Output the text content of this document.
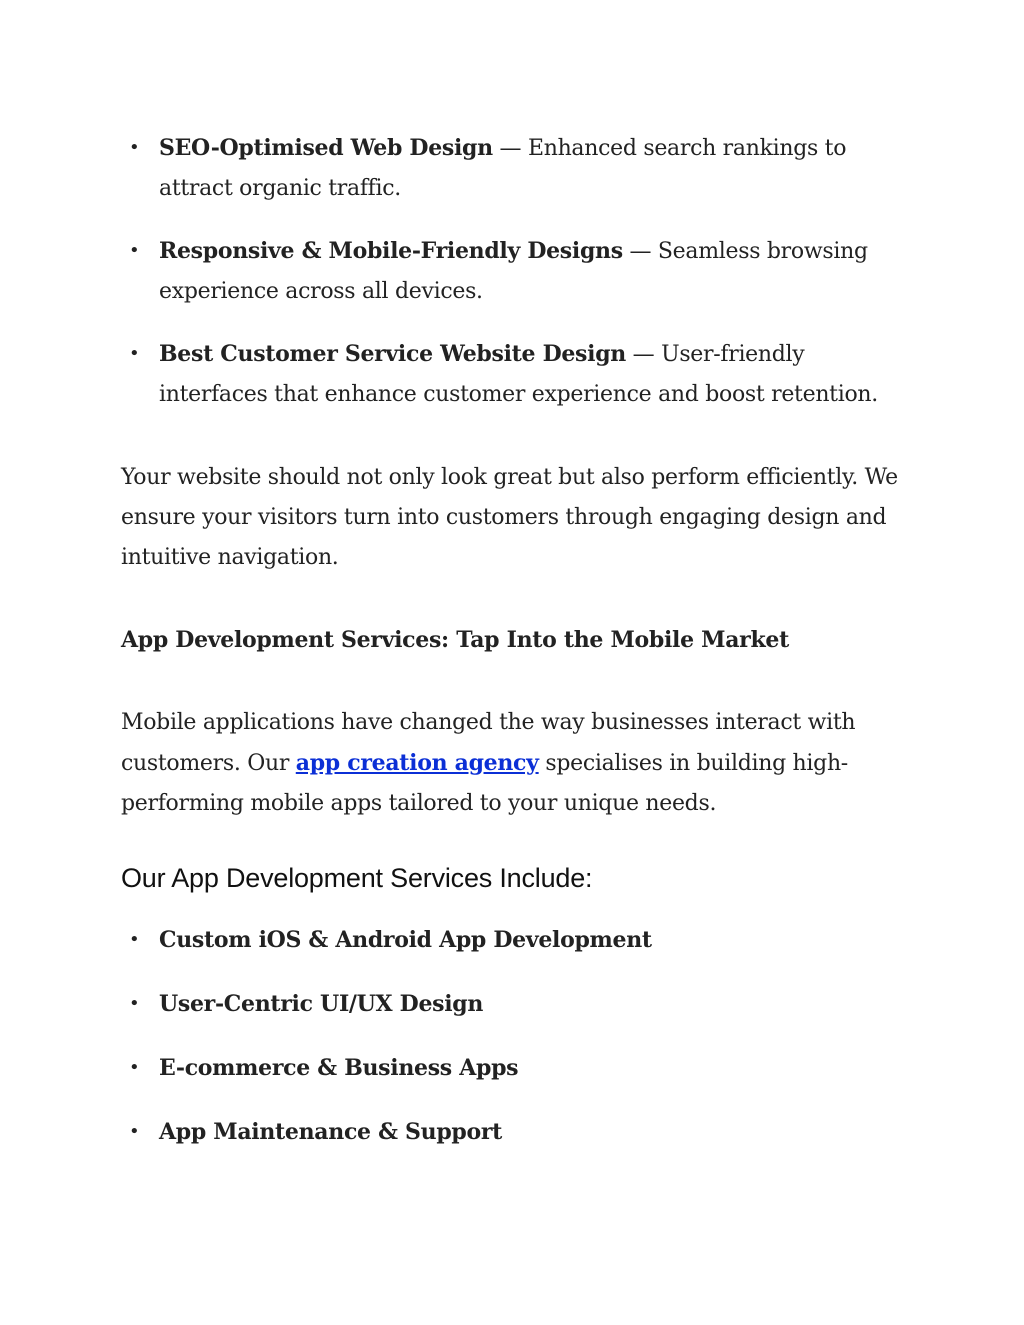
• SEO-Optimised Web Design — Enhanced search rankings to attract organic traffic.
• Responsive & Mobile-Friendly Designs — Seamless browsing experience across all devices.
• Best Customer Service Website Design — User-friendly interfaces that enhance customer experience and boost retention.

Your website should not only look great but also perform efficiently. We ensure your visitors turn into customers through engaging design and intuitive navigation.

App Development Services: Tap Into the Mobile Market

Mobile applications have changed the way businesses interact with customers. Our app creation agency specialises in building high-performing mobile apps tailored to your unique needs.

Our App Development Services Include:
• Custom iOS & Android App Development
• User-Centric UI/UX Design
• E-commerce & Business Apps
• App Maintenance & Support
